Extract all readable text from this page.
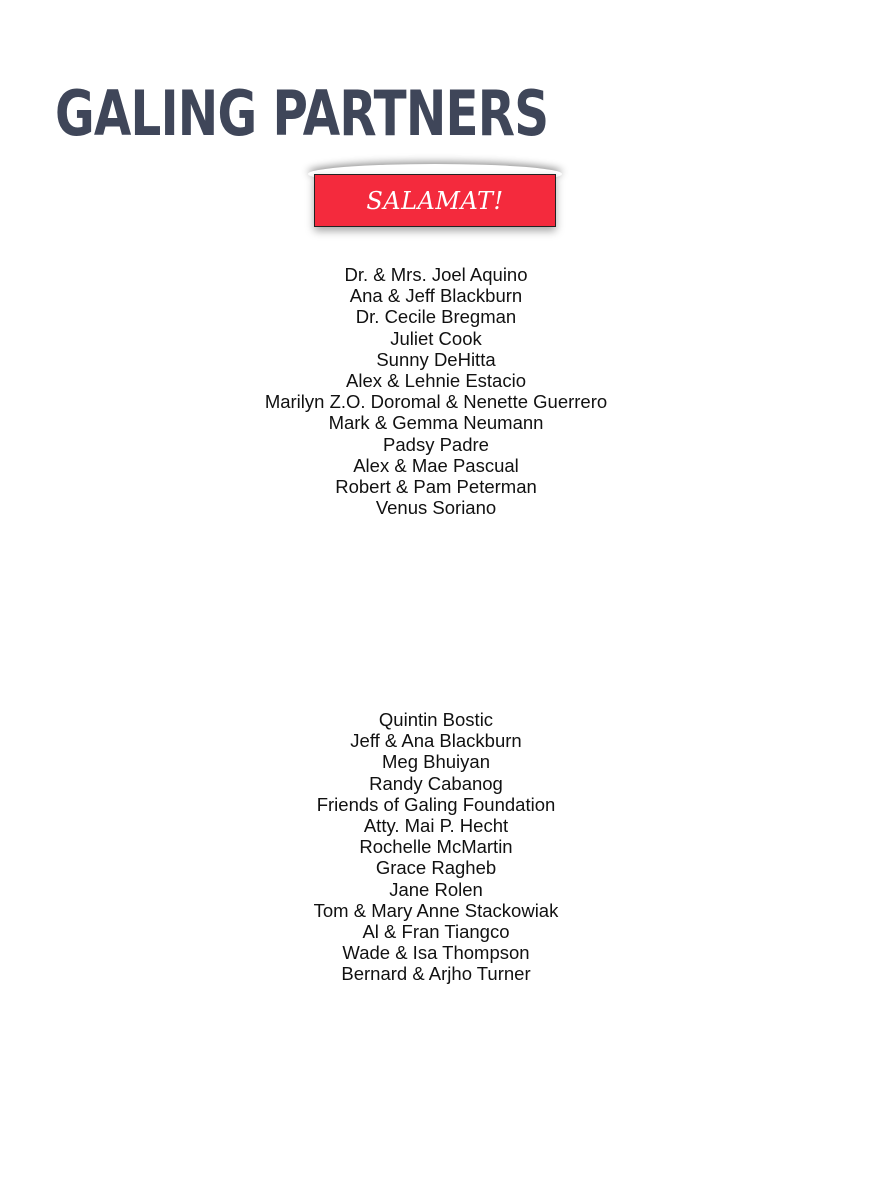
GALING PARTNERS
SALAMAT!
Dr. & Mrs. Joel Aquino
Ana & Jeff Blackburn
Dr. Cecile Bregman
Juliet Cook
Sunny DeHitta
Alex & Lehnie Estacio
Marilyn Z.O. Doromal & Nenette Guerrero
Mark & Gemma Neumann
Padsy Padre
Alex & Mae Pascual
Robert & Pam Peterman
Venus Soriano
Quintin Bostic
Jeff & Ana Blackburn
Meg Bhuiyan
Randy Cabanog
Friends of Galing Foundation
Atty. Mai P. Hecht
Rochelle McMartin
Grace Ragheb
Jane Rolen
Tom & Mary Anne Stackowiak
Al & Fran Tiangco
Wade & Isa Thompson
Bernard & Arjho Turner
